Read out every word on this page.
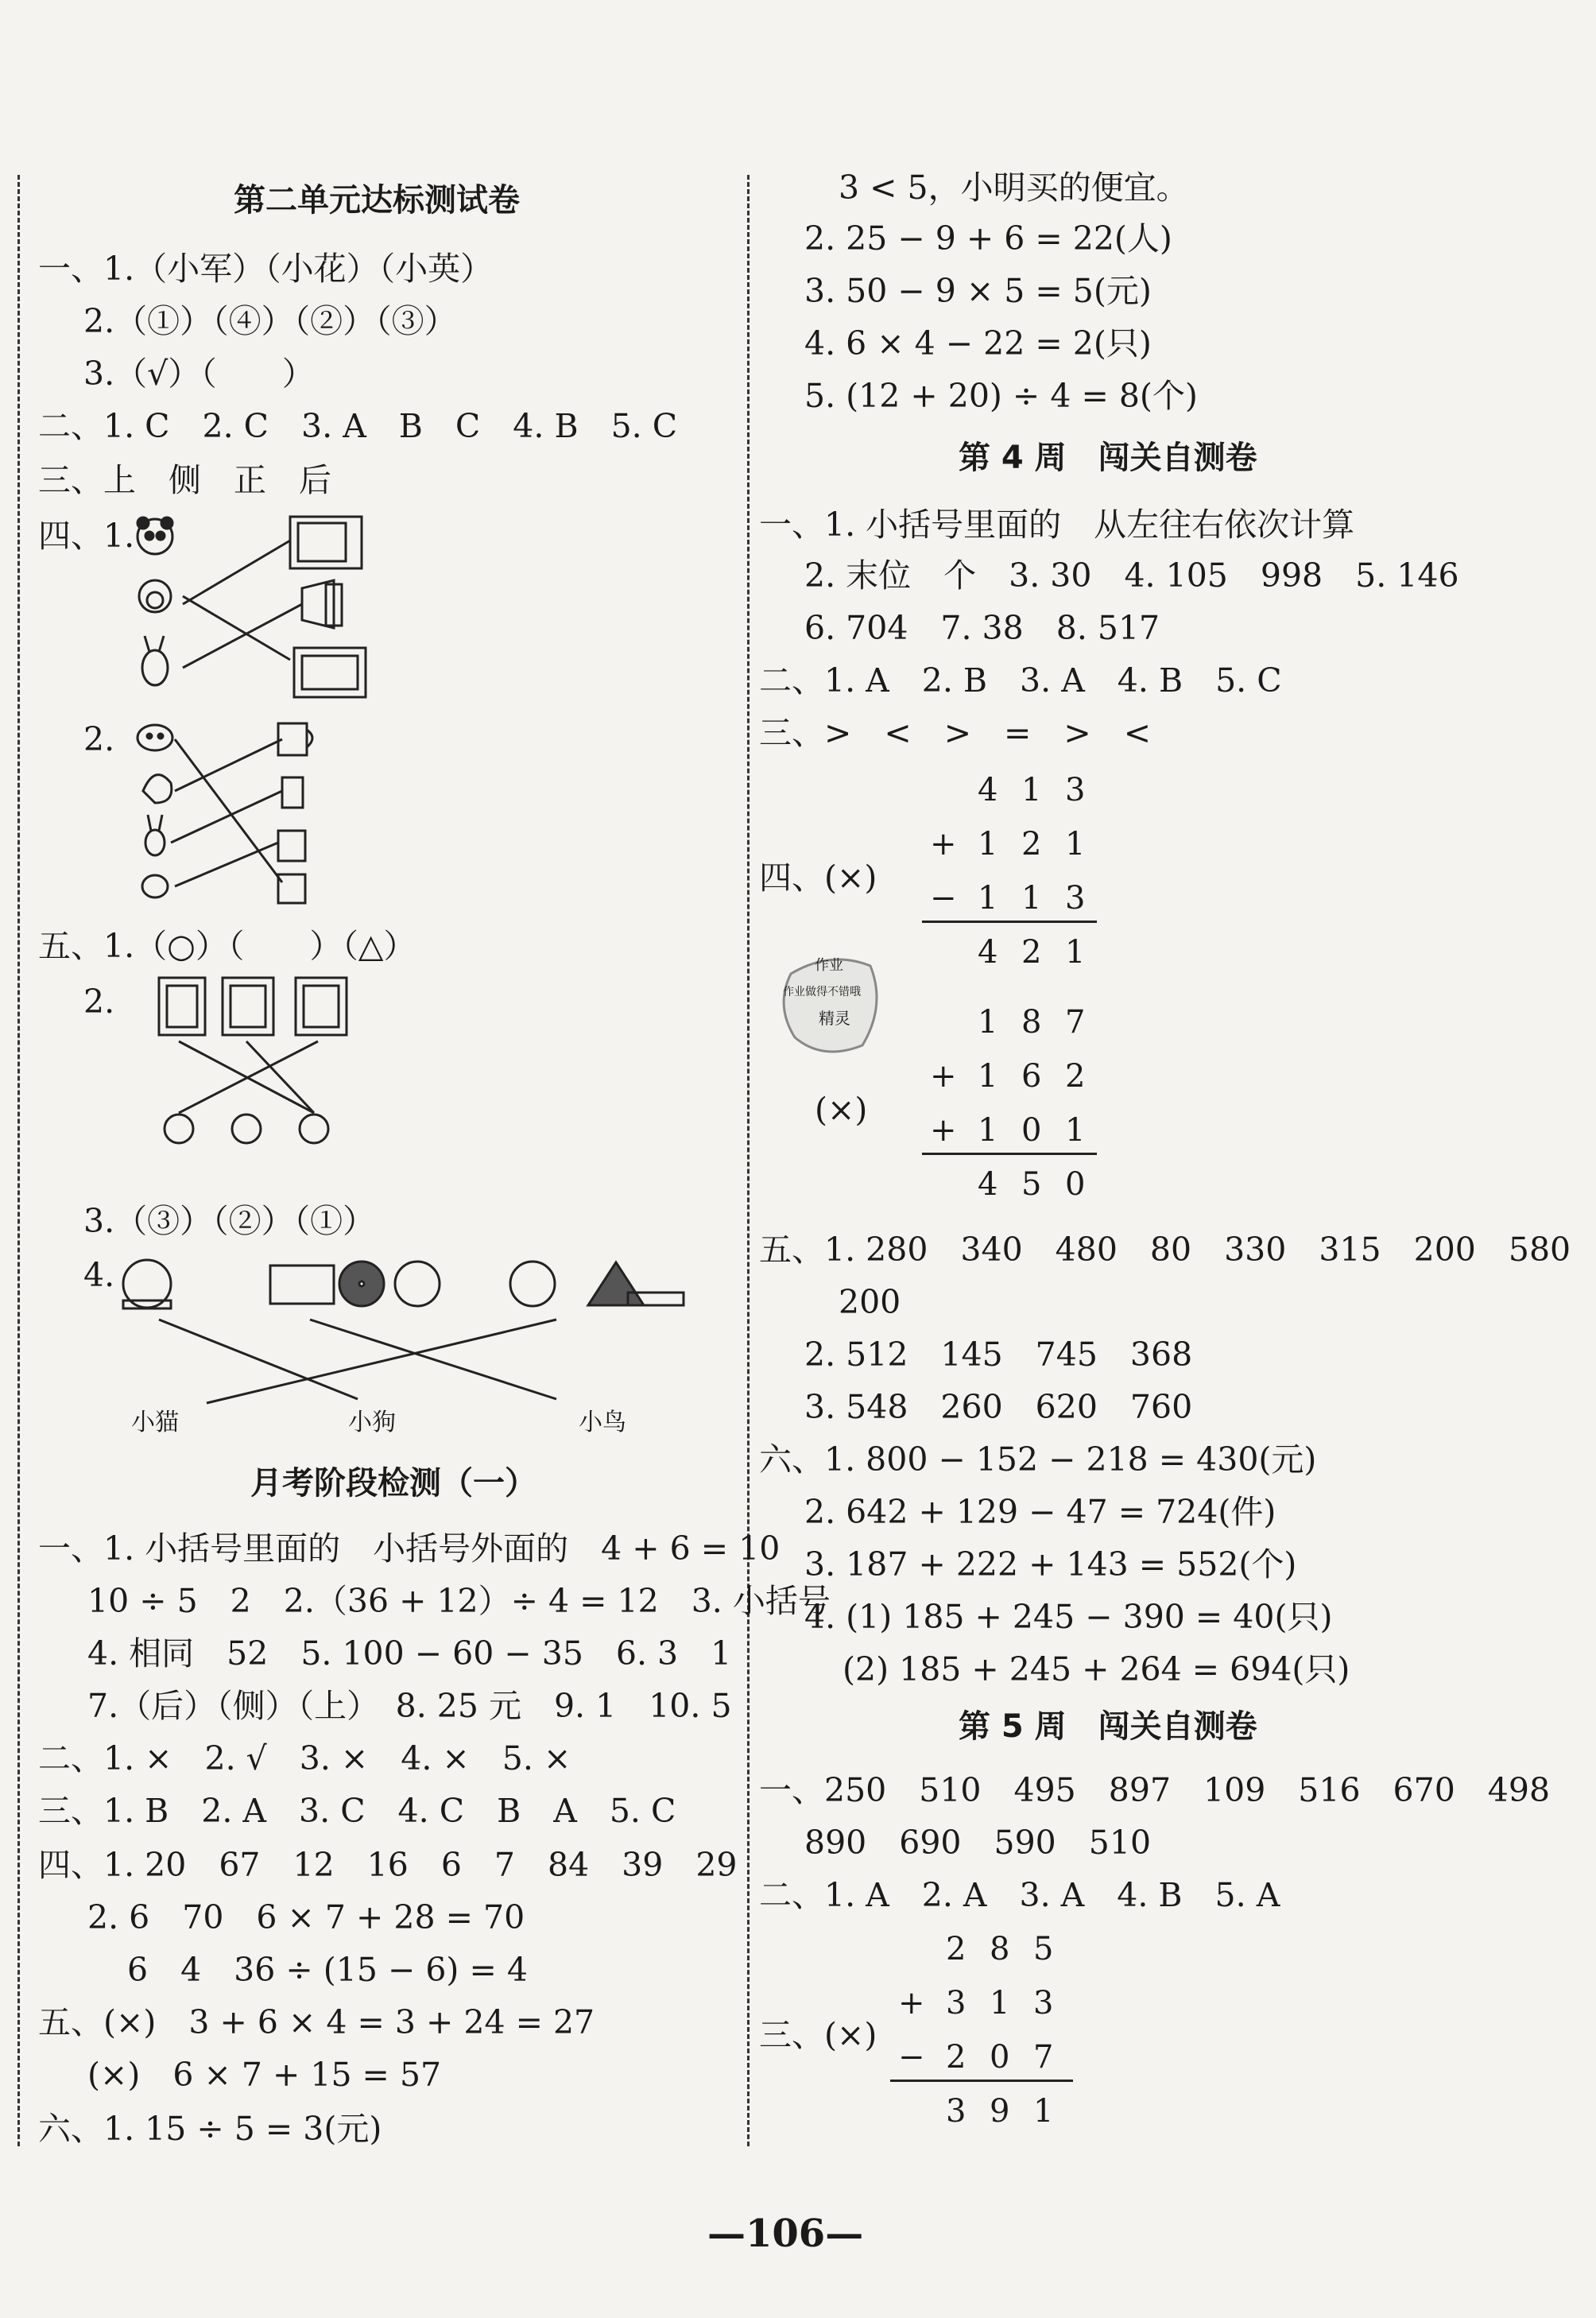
第二单元达标测试卷
一、1.（小军）（小花）（小英）
2.（①）（④）（②）（③）
3.（√）（　　）
二、1. C　2. C　3. A　B　C　4. B　5. C
三、上　侧　正　后
四、1.
2.
五、1.（○）（　　）（△）
2.
3.（③）（②）（①）
4.
小猫	小狗	小鸟
月考阶段检测（一）
一、1. 小括号里面的　小括号外面的　4 + 6 = 10
10 ÷ 5　2　2.（36 + 12）÷ 4 = 12　3. 小括号
4. 相同　52　5. 100 − 60 − 35　6. 3　1
7.（后）（侧）（上）　8. 25 元　9. 1　10. 5
二、1. ×　2. √　3. ×　4. ×　5. ×
三、1. B　2. A　3. C　4. C　B　A　5. C
四、1. 20　67　12　16　6　7　84　39　29
2. 6　70　6 × 7 + 28 = 70
6　4　36 ÷ (15 − 6) = 4
五、(×)　3 + 6 × 4 = 3 + 24 = 27
(×)　6 × 7 + 15 = 57
六、1. 15 ÷ 5 = 3(元)
3 < 5，小明买的便宜。
2. 25 − 9 + 6 = 22(人)
3. 50 − 9 × 5 = 5(元)
4. 6 × 4 − 22 = 2(只)
5. (12 + 20) ÷ 4 = 8(个)
第 4 周　闯关自测卷
一、1. 小括号里面的　从左往右依次计算
2. 末位　个　3. 30　4. 105　998　5. 146
6. 704　7. 38　8. 517
二、1. A　2. B　3. A　4. B　5. C
三、>　<　>　=　>　<
四、(×)
4 1 3
+ 1 2 1
− 1 1 3
4 2 1
作业
作业做得不错哦
精灵
(×)
1 8 7
+ 1 6 2
+ 1 0 1
4 5 0
五、1. 280　340　480　80　330　315　200　580
200
2. 512　145　745　368
3. 548　260　620　760
六、1. 800 − 152 − 218 = 430(元)
2. 642 + 129 − 47 = 724(件)
3. 187 + 222 + 143 = 552(个)
4. (1) 185 + 245 − 390 = 40(只)
(2) 185 + 245 + 264 = 694(只)
第 5 周　闯关自测卷
一、250　510　495　897　109　516　670　498
890　690　590　510
二、1. A　2. A　3. A　4. B　5. A
三、(×)
2 8 5
+ 3 1 3
− 2 0 7
3 9 1
—106—
